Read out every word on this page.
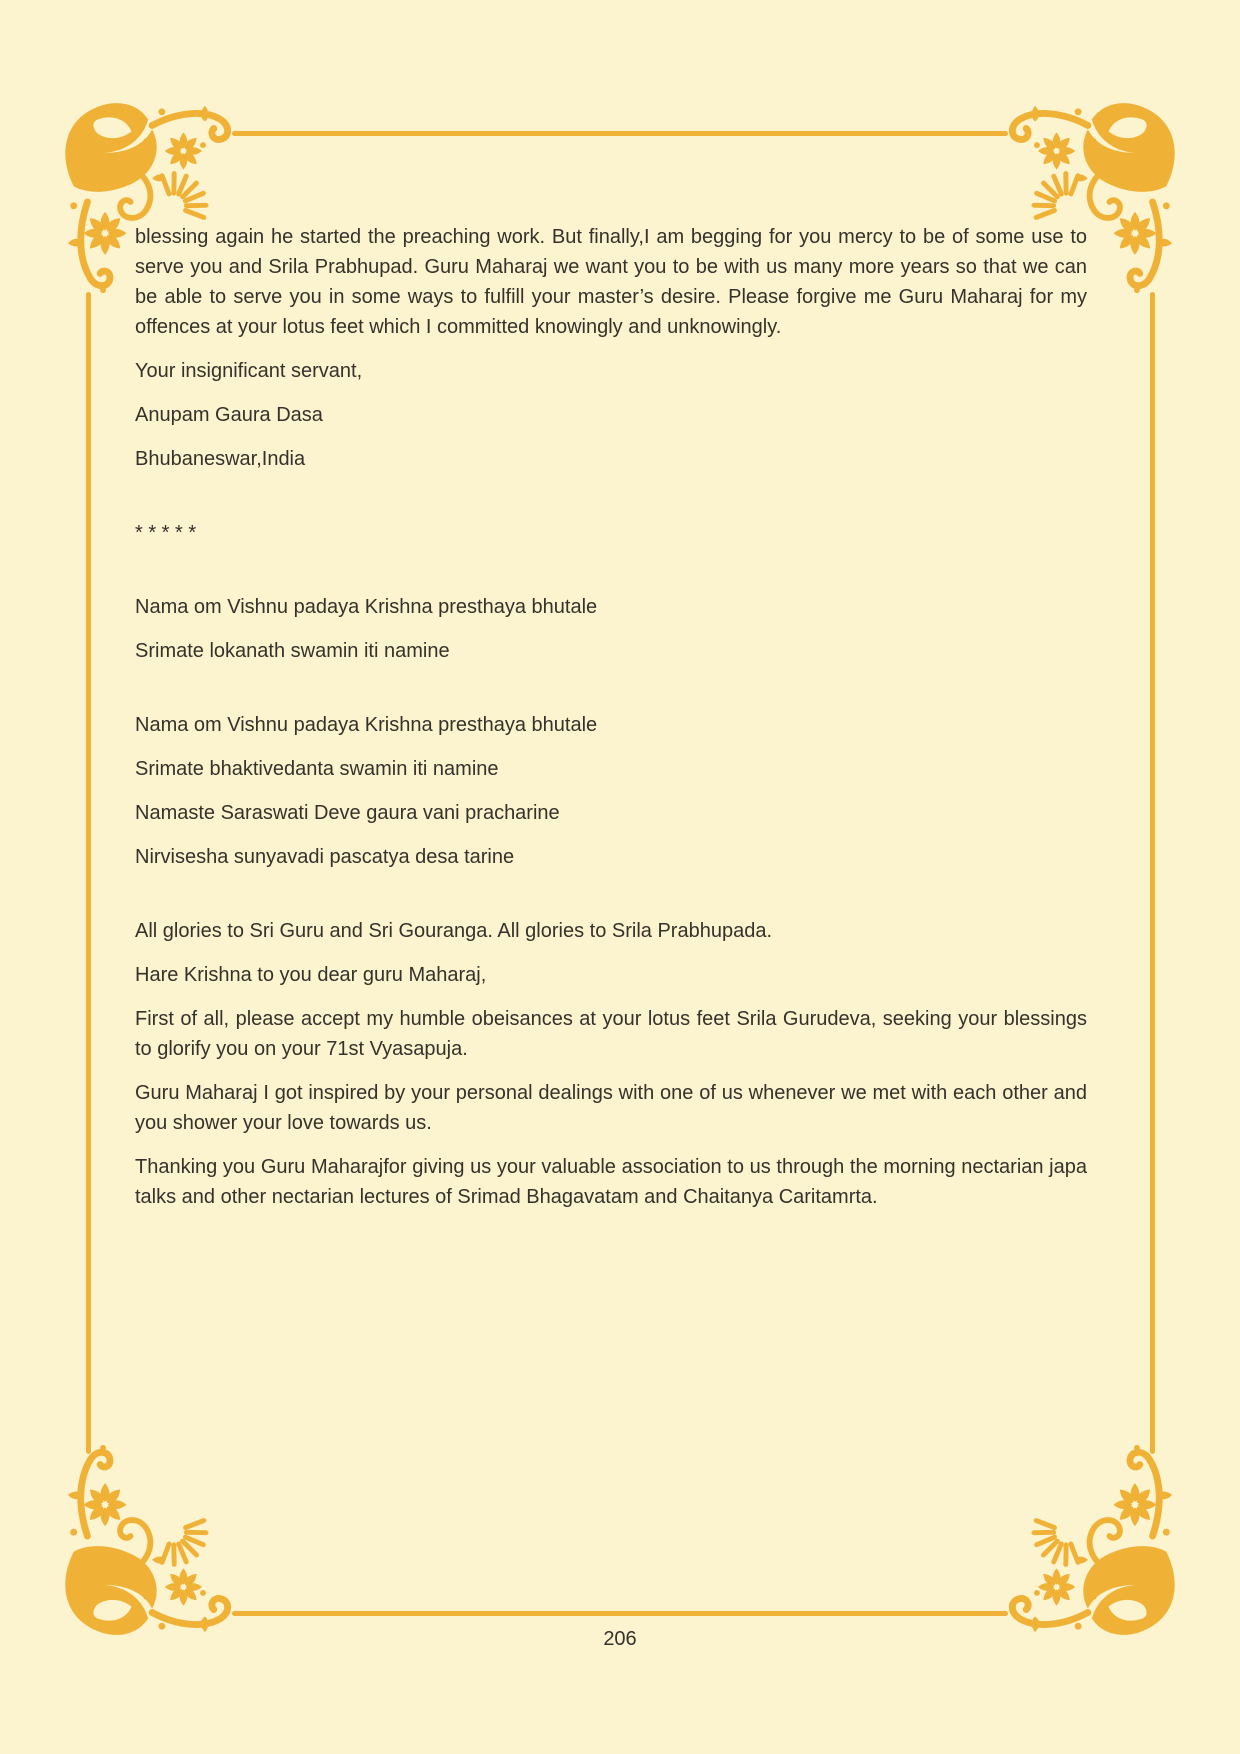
blessing again he started the preaching work. But finally,I am begging for you mercy to be of some use to serve you and Srila Prabhupad. Guru Maharaj we want you to be with us many more years so that we can be able to serve you in some ways to fulfill your master’s desire. Please forgive me Guru Maharaj for my offences at your lotus feet which I committed knowingly and unknowingly.

Your insignificant servant,

Anupam Gaura Dasa

Bhubaneswar,India

* * * * *

Nama om Vishnu padaya Krishna presthaya bhutale

Srimate lokanath swamin iti namine

Nama om Vishnu padaya Krishna presthaya bhutale

Srimate bhaktivedanta swamin iti namine

Namaste Saraswati Deve gaura vani pracharine

Nirvisesha sunyavadi pascatya desa tarine

All glories to Sri Guru and Sri Gouranga. All glories to Srila Prabhupada.

Hare Krishna to you dear guru Maharaj,

First of all, please accept my humble obeisances at your lotus feet Srila Gurudeva, seeking your blessings to glorify you on your 71st Vyasapuja.

Guru Maharaj I got inspired by your personal dealings with one of us whenever we met with each other and you shower your love towards us.

Thanking you Guru Maharajfor giving us your valuable association to us through the morning nectarian japa talks and other nectarian lectures of Srimad Bhagavatam and Chaitanya Caritamrta.

206
